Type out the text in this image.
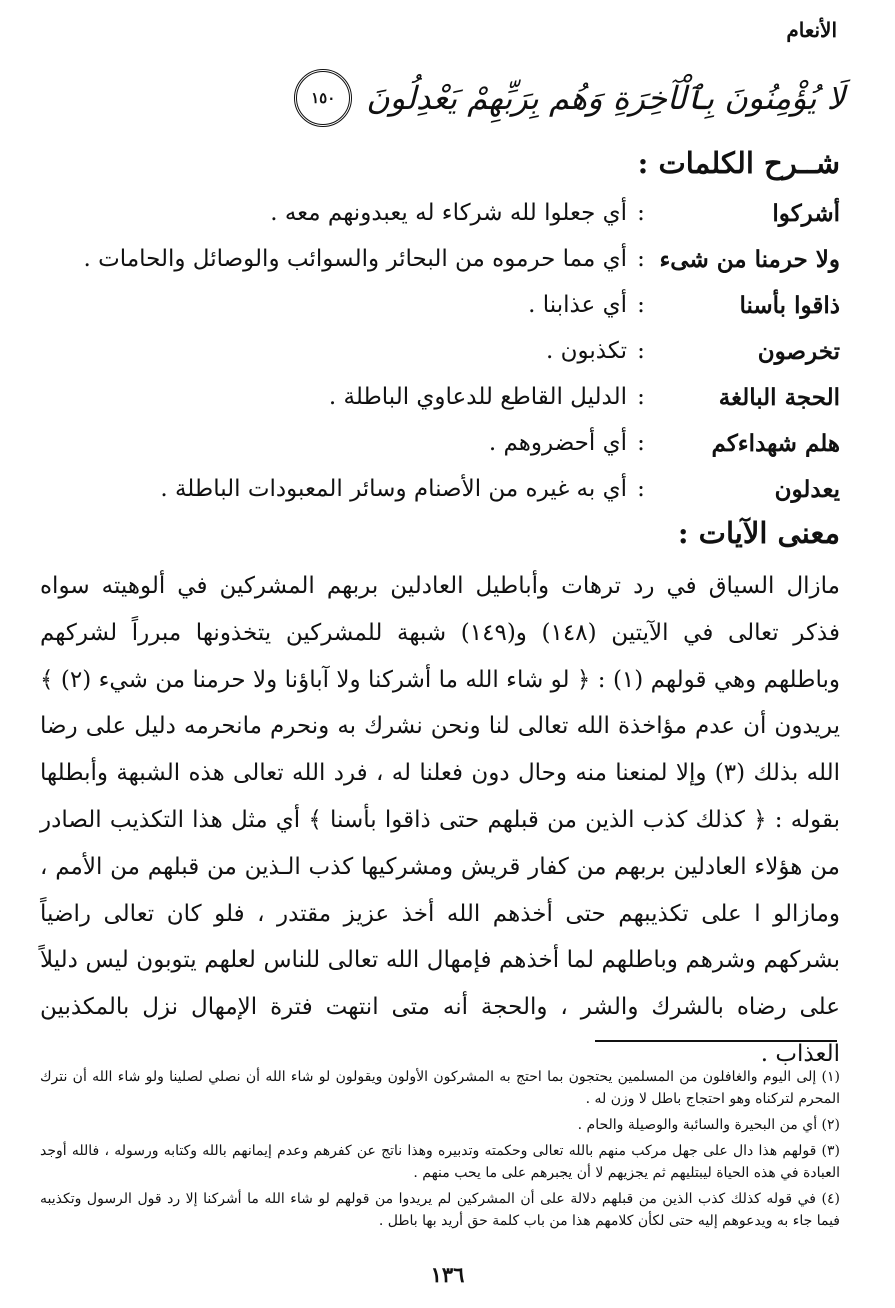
الأنعام
لَا يُؤْمِنُونَ بِٱلْآخِرَةِ وَهُم بِرَبِّهِمْ يَعْدِلُونَ
١٥٠
شــرح الكلمات :
أشركوا
:
أي جعلوا لله شركاء له يعبدونهم معه .
ولا حرمنا من شىء
:
أي مما حرموه من البحائر والسوائب والوصائل والحامات .
ذاقوا بأسنا
:
أي عذابنا .
تخرصون
:
تكذبون .
الحجة البالغة
:
الدليل القاطع للدعاوي الباطلة .
هلم شهداءكم
:
أي أحضروهم .
يعدلون
:
أي به غيره من الأصنام وسائر المعبودات الباطلة .
معنى الآيات :
مازال السياق في رد ترهات وأباطيل العادلين بربهم المشركين في ألوهيته سواه فذكر تعالى في الآيتين (١٤٨) و(١٤٩) شبهة للمشركين يتخذونها مبرراً لشركهم وباطلهم وهي قولهم (١) : ﴿ لو شاء الله ما أشركنا ولا آباؤنا ولا حرمنا من شيء (٢) ﴾ يريدون أن عدم مؤاخذة الله تعالى لنا ونحن نشرك به ونحرم مانحرمه دليل على رضا الله بذلك (٣) وإلا لمنعنا منه وحال دون فعلنا له ، فرد الله تعالى هذه الشبهة وأبطلها بقوله : ﴿ كذلك كذب الذين من قبلهم حتى ذاقوا بأسنا ﴾ أي مثل هذا التكذيب الصادر من هؤلاء العادلين بربهم من كفار قريش ومشركيها كذب الـذين من قبلهم من الأمم ، ومازالو ا على تكذيبهم حتى أخذهم الله أخذ عزيز مقتدر ، فلو كان تعالى راضياً بشركهم وشرهم وباطلهم لما أخذهم فإمهال الله تعالى للناس لعلهم يتوبون ليس دليلاً على رضاه بالشرك والشر ، والحجة أنه متى انتهت فترة الإمهال نزل بالمكذبين العذاب .

(١) إلى اليوم والغافلون من المسلمين يحتجون بما احتج به المشركون الأولون ويقولون لو شاء الله أن نصلي لصلينا ولو شاء الله أن نترك المحرم لتركناه وهو احتجاج باطل لا وزن له .

(٢) أي من البحيرة والسائبة والوصيلة والحام .

(٣) قولهم هذا دال على جهل مركب منهم بالله تعالى وحكمته وتدبيره وهذا ناتج عن كفرهم وعدم إيمانهم بالله وكتابه ورسوله ، فالله أوجد العبادة في هذه الحياة ليبتليهم ثم يجزيهم لا أن يجبرهم على ما يحب منهم .

(٤) في قوله كذلك كذب الذين من قبلهم دلالة على أن المشركين لم يريدوا من قولهم لو شاء الله ما أشركنا إلا رد قول الرسول وتكذيبه فيما جاء به ويدعوهم إليه حتى لكأن كلامهم هذا من باب كلمة حق أريد بها باطل .

١٣٦
